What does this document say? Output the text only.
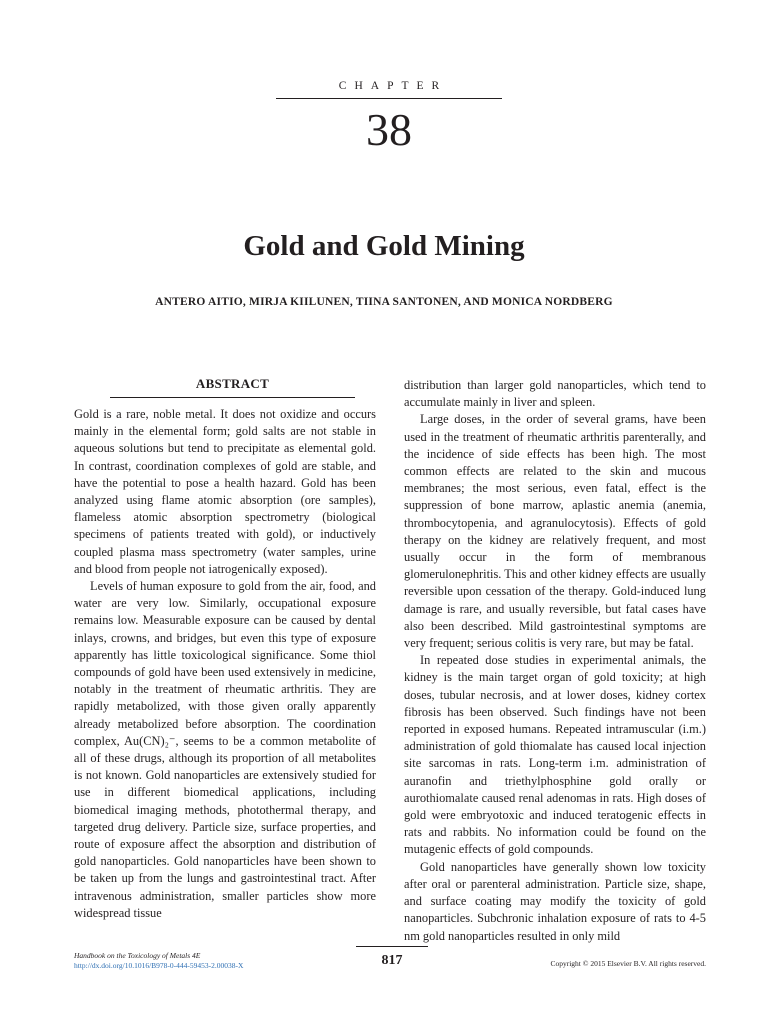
CHAPTER
38
Gold and Gold Mining
ANTERO AITIO, MIRJA KIILUNEN, TIINA SANTONEN, AND MONICA NORDBERG
ABSTRACT

Gold is a rare, noble metal. It does not oxidize and occurs mainly in the elemental form; gold salts are not stable in aqueous solutions but tend to precipitate as elemental gold. In contrast, coordination complexes of gold are stable, and have the potential to pose a health hazard. Gold has been analyzed using flame atomic absorption (ore samples), flameless atomic absorption spectrometry (biological specimens of patients treated with gold), or inductively coupled plasma mass spectrometry (water samples, urine and blood from people not iatrogenically exposed).

Levels of human exposure to gold from the air, food, and water are very low. Similarly, occupational exposure remains low. Measurable exposure can be caused by dental inlays, crowns, and bridges, but even this type of exposure apparently has little toxicological significance. Some thiol compounds of gold have been used extensively in medicine, notably in the treatment of rheumatic arthritis. They are rapidly metabolized, with those given orally apparently already metabolized before absorption. The coordination complex, Au(CN)₂⁻, seems to be a common metabolite of all of these drugs, although its proportion of all metabolites is not known. Gold nanoparticles are extensively studied for use in different biomedical applications, including biomedical imaging methods, photothermal therapy, and targeted drug delivery. Particle size, surface properties, and route of exposure affect the absorption and distribution of gold nanoparticles. Gold nanoparticles have been shown to be taken up from the lungs and gastrointestinal tract. After intravenous administration, smaller particles show more widespread tissue

distribution than larger gold nanoparticles, which tend to accumulate mainly in liver and spleen.

Large doses, in the order of several grams, have been used in the treatment of rheumatic arthritis parenterally, and the incidence of side effects has been high. The most common effects are related to the skin and mucous membranes; the most serious, even fatal, effect is the suppression of bone marrow, aplastic anemia (anemia, thrombocytopenia, and agranulocytosis). Effects of gold therapy on the kidney are relatively frequent, and most usually occur in the form of membranous glomerulonephritis. This and other kidney effects are usually reversible upon cessation of the therapy. Gold-induced lung damage is rare, and usually reversible, but fatal cases have also been described. Mild gastrointestinal symptoms are very frequent; serious colitis is very rare, but may be fatal.

In repeated dose studies in experimental animals, the kidney is the main target organ of gold toxicity; at high doses, tubular necrosis, and at lower doses, kidney cortex fibrosis has been observed. Such findings have not been reported in exposed humans. Repeated intramuscular (i.m.) administration of gold thiomalate has caused local injection site sarcomas in rats. Long-term i.m. administration of auranofin and triethylphosphine gold orally or aurothiomalate caused renal adenomas in rats. High doses of gold were embryotoxic and induced teratogenic effects in rats and rabbits. No information could be found on the mutagenic effects of gold compounds.

Gold nanoparticles have generally shown low toxicity after oral or parenteral administration. Particle size, shape, and surface coating may modify the toxicity of gold nanoparticles. Subchronic inhalation exposure of rats to 4-5 nm gold nanoparticles resulted in only mild

Handbook on the Toxicology of Metals 4E
http://dx.doi.org/10.1016/B978-0-444-59453-2.00038-X	817	Copyright © 2015 Elsevier B.V. All rights reserved.
